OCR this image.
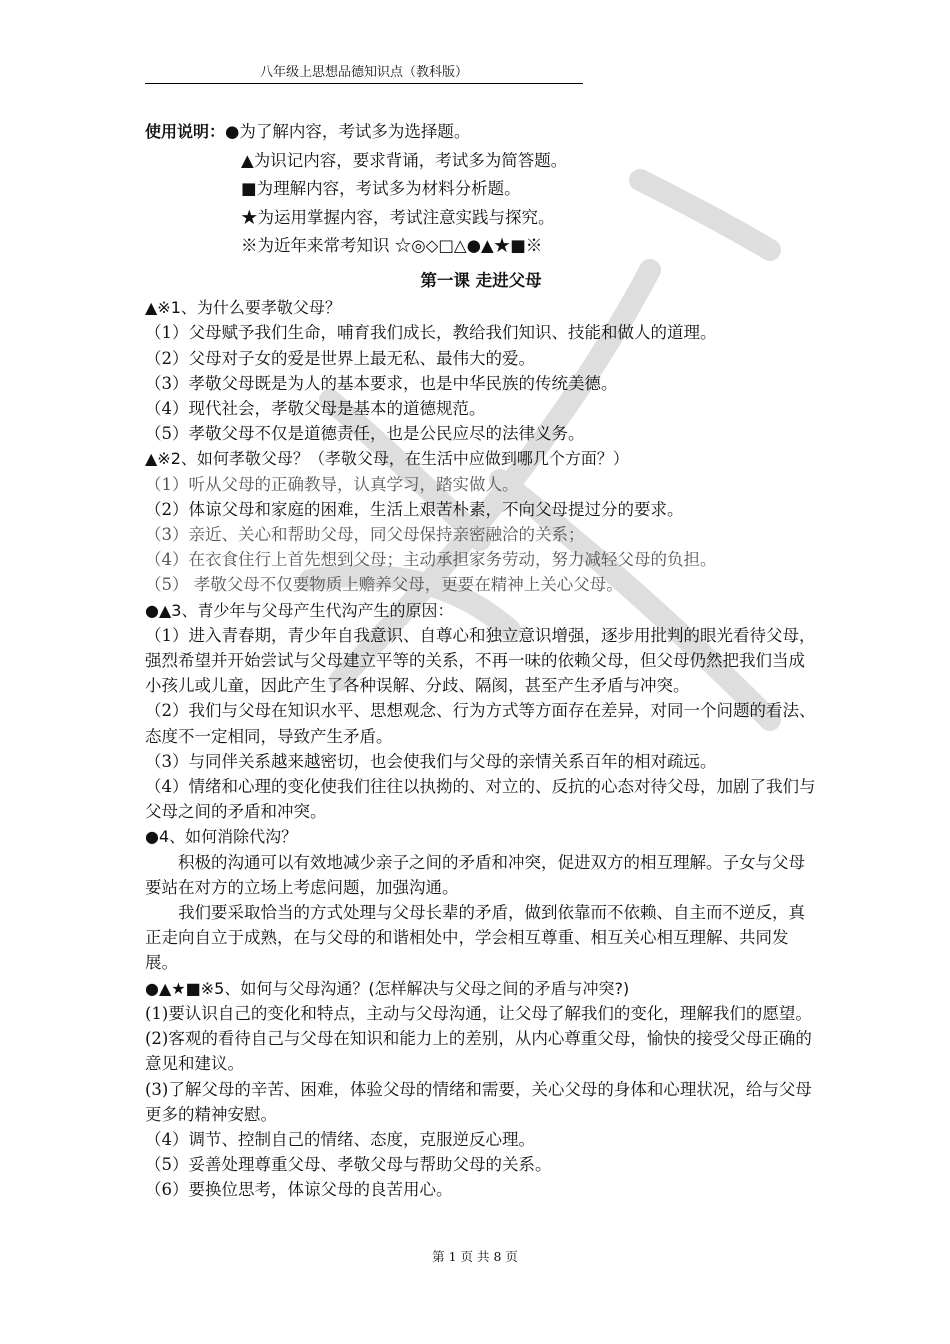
八年级上思想品德知识点（教科版）
使用说明：●为了解内容，考试多为选择题。
▲为识记内容，要求背诵，考试多为简答题。
■为理解内容，考试多为材料分析题。
★为运用掌握内容，考试注意实践与探究。
※为近年来常考知识 ☆◎◇□△●▲★■※

第一课 走进父母

▲※1、为什么要孝敬父母？

（1）父母赋予我们生命，哺育我们成长，教给我们知识、技能和做人的道理。

（2）父母对子女的爱是世界上最无私、最伟大的爱。

（3）孝敬父母既是为人的基本要求，也是中华民族的传统美德。

（4）现代社会，孝敬父母是基本的道德规范。

（5）孝敬父母不仅是道德责任，也是公民应尽的法律义务。

▲※2、如何孝敬父母？（孝敬父母，在生活中应做到哪几个方面？）

（1）听从父母的正确教导，认真学习，踏实做人。

（2）体谅父母和家庭的困难，生活上艰苦朴素，不向父母提过分的要求。

（3）亲近、关心和帮助父母，同父母保持亲密融洽的关系；

（4）在衣食住行上首先想到父母；主动承担家务劳动，努力减轻父母的负担。

（5） 孝敬父母不仅要物质上赡养父母，更要在精神上关心父母。

●▲3、青少年与父母产生代沟产生的原因：

（1）进入青春期，青少年自我意识、自尊心和独立意识增强，逐步用批判的眼光看待父母，强烈希望并开始尝试与父母建立平等的关系，不再一味的依赖父母，但父母仍然把我们当成小孩儿或儿童，因此产生了各种误解、分歧、隔阂，甚至产生矛盾与冲突。

（2）我们与父母在知识水平、思想观念、行为方式等方面存在差异，对同一个问题的看法、态度不一定相同，导致产生矛盾。

（3）与同伴关系越来越密切，也会使我们与父母的亲情关系百年的相对疏远。

（4）情绪和心理的变化使我们往往以执拗的、对立的、反抗的心态对待父母，加剧了我们与父母之间的矛盾和冲突。

●4、如何消除代沟？

积极的沟通可以有效地减少亲子之间的矛盾和冲突，促进双方的相互理解。子女与父母要站在对方的立场上考虑问题，加强沟通。

我们要采取恰当的方式处理与父母长辈的矛盾，做到依靠而不依赖、自主而不逆反，真正走向自立于成熟，在与父母的和谐相处中，学会相互尊重、相互关心相互理解、共同发展。

●▲★■※5、如何与父母沟通？(怎样解决与父母之间的矛盾与冲突?)

(1)要认识自己的变化和特点，主动与父母沟通，让父母了解我们的变化，理解我们的愿望。

(2)客观的看待自己与父母在知识和能力上的差别，从内心尊重父母，愉快的接受父母正确的意见和建议。

(3)了解父母的辛苦、困难，体验父母的情绪和需要，关心父母的身体和心理状况，给与父母更多的精神安慰。

（4）调节、控制自己的情绪、态度，克服逆反心理。

（5）妥善处理尊重父母、孝敬父母与帮助父母的关系。

（6）要换位思考，体谅父母的良苦用心。

第 1 页 共 8 页
